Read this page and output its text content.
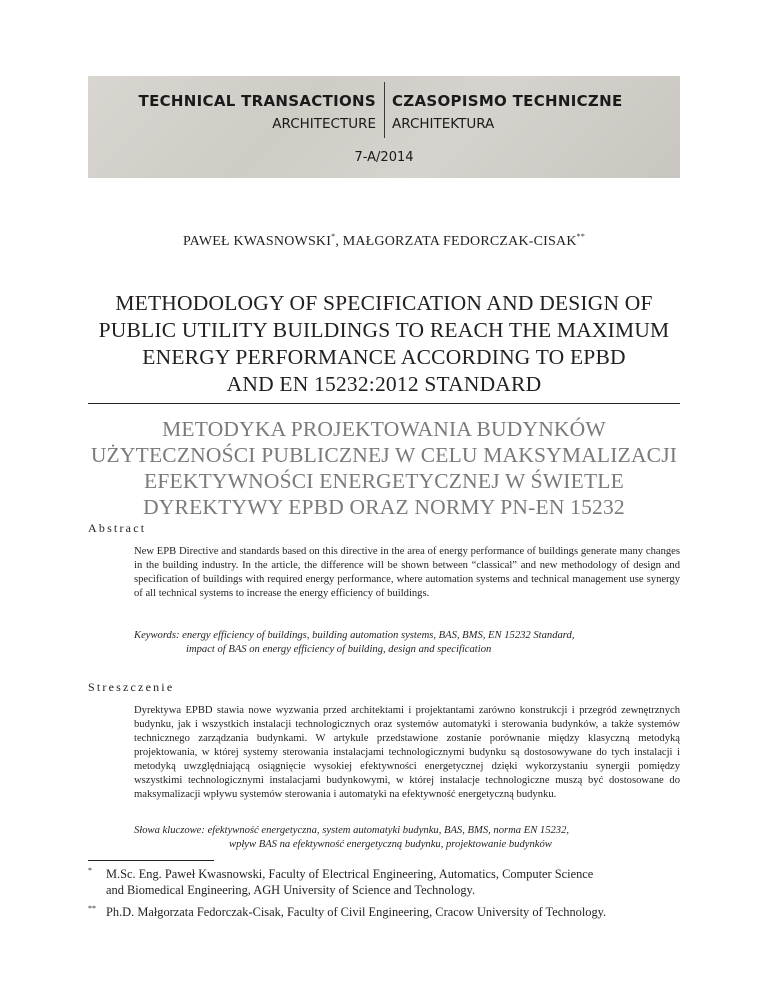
TECHNICAL TRANSACTIONS CZASOPISMO TECHNICZNE
ARCHITECTURE ARCHITEKTURA
7-A/2014
PAWEŁ KWASNOWSKI*, MAŁGORZATA FEDORCZAK-CISAK**
METHODOLOGY OF SPECIFICATION AND DESIGN OF
PUBLIC UTILITY BUILDINGS TO REACH THE MAXIMUM
ENERGY PERFORMANCE ACCORDING TO EPBD
AND EN 15232:2012 STANDARD
METODYKA PROJEKTOWANIA BUDYNKÓW
UŻYTECZNOŚCI PUBLICZNEJ W CELU MAKSYMALIZACJI
EFEKTYWNOŚCI ENERGETYCZNEJ W ŚWIETLE
DYREKTYWY EPBD ORAZ NORMY PN-EN 15232
Abstract
New EPB Directive and standards based on this directive in the area of energy performance of buildings generate many changes in the building industry. In the article, the difference will be shown between “classical” and new methodology of design and specification of buildings with required energy performance, where automation systems and technical management use synergy of all technical systems to increase the energy efficiency of buildings.
Keywords: energy efficiency of buildings, building automation systems, BAS, BMS, EN 15232 Standard,
impact of BAS on energy efficiency of building, design and specification
Streszczenie
Dyrektywa EPBD stawia nowe wyzwania przed architektami i projektantami zarówno konstrukcji i przegród zewnętrznych budynku, jak i wszystkich instalacji technologicznych oraz systemów automatyki i sterowania budynków, a także systemów technicznego zarządzania budynkami. W artykule przedstawione zostanie porównanie między klasyczną metodyką projektowania, w której systemy sterowania instalacjami technologicznymi budynku są dostosowywane do tych instalacji i metodyką uwzględniającą osiągnięcie wysokiej efektywności energetycznej dzięki wykorzystaniu synergii pomiędzy wszystkimi technologicznymi instalacjami budynkowymi, w której instalacje technologiczne muszą być dostosowane do maksymalizacji wpływu systemów sterowania i automatyki na efektywność energetyczną budynku.
Słowa kluczowe: efektywność energetyczna, system automatyki budynku, BAS, BMS, norma EN 15232,
wpływ BAS na efektywność energetyczną budynku, projektowanie budynków
*	M.Sc. Eng. Paweł Kwasnowski, Faculty of Electrical Engineering, Automatics, Computer Science
and Biomedical Engineering, AGH University of Science and Technology.
** Ph.D. Małgorzata Fedorczak-Cisak, Faculty of Civil Engineering, Cracow University of Technology.
